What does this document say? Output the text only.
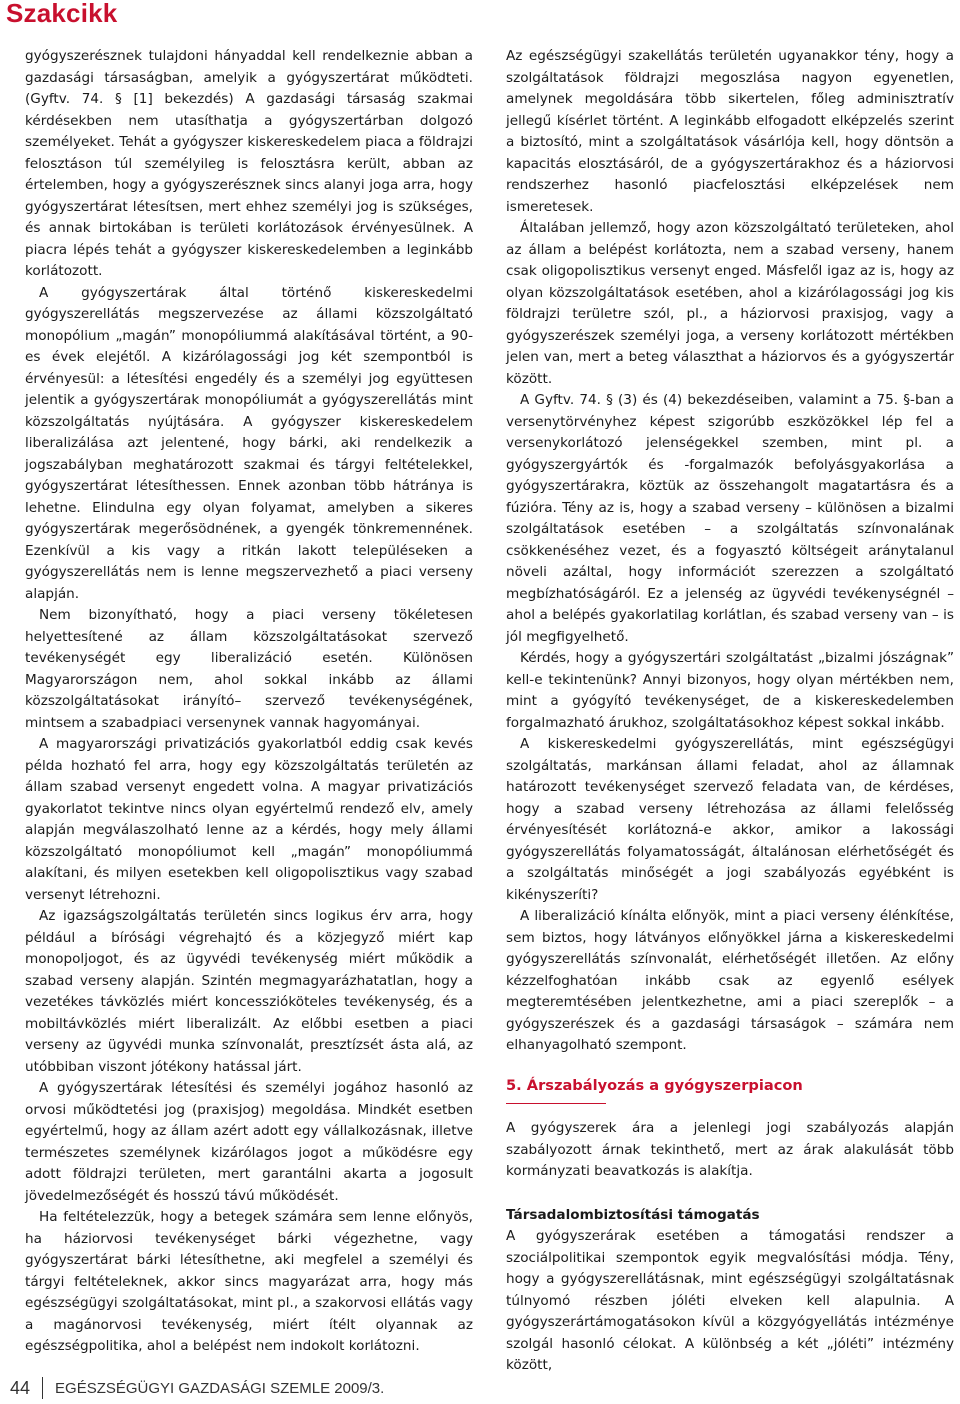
Szakcikk

gyógyszerésznek tulajdoni hányaddal kell rendelkeznie abban a gazdasági társaságban, amelyik a gyógyszertárat működteti. (Gyftv. 74. § [1] bekezdés) A gazdasági társaság szakmai kérdésekben nem utasíthatja a gyógyszertárban dolgozó személyeket. Tehát a gyógyszer kiskereskedelem piaca a földrajzi felosztáson túl személyileg is felosztásra került, abban az értelemben, hogy a gyógyszerésznek sincs alanyi joga arra, hogy gyógyszertárat létesítsen, mert ehhez személyi jog is szükséges, és annak birtokában is területi korlátozások érvényesülnek. A piacra lépés tehát a gyógyszer kiskereskedelemben a leginkább korlátozott.

A gyógyszertárak által történő kiskereskedelmi gyógyszerellátás megszervezése az állami közszolgáltató monopólium „magán” monopóliummá alakításával történt, a 90-es évek elejétől. A kizárólagossági jog két szempontból is érvényesül: a létesítési engedély és a személyi jog együttesen jelentik a gyógyszertárak monopóliumát a gyógyszerellátás mint közszolgáltatás nyújtására. A gyógyszer kiskereskedelem liberalizálása azt jelentené, hogy bárki, aki rendelkezik a jogszabályban meghatározott szakmai és tárgyi feltételekkel, gyógyszertárat létesíthessen. Ennek azonban több hátránya is lehetne. Elindulna egy olyan folyamat, amelyben a sikeres gyógyszertárak megerősödnének, a gyengék tönkremennének. Ezenkívül a kis vagy a ritkán lakott településeken a gyógyszerellátás nem is lenne megszervezhető a piaci verseny alapján.

Nem bizonyítható, hogy a piaci verseny tökéletesen helyettesítené az állam közszolgáltatásokat szervező tevékenységét egy liberalizáció esetén. Különösen Magyarországon nem, ahol sokkal inkább az állami közszolgáltatásokat irányító– szervező tevékenységének, mintsem a szabadpiaci versenynek vannak hagyományai.

A magyarországi privatizációs gyakorlatból eddig csak kevés példa hozható fel arra, hogy egy közszolgáltatás területén az állam szabad versenyt engedett volna. A magyar privatizációs gyakorlatot tekintve nincs olyan egyértelmű rendező elv, amely alapján megválaszolható lenne az a kérdés, hogy mely állami közszolgáltató monopóliumot kell „magán” monopóliummá alakítani, és milyen esetekben kell oligopolisztikus vagy szabad versenyt létrehozni.

Az igazságszolgáltatás területén sincs logikus érv arra, hogy például a bírósági végrehajtó és a közjegyző miért kap monopoljogot, és az ügyvédi tevékenység miért működik a szabad verseny alapján. Szintén megmagyarázhatatlan, hogy a vezetékes távközlés miért koncesszióköteles tevékenység, és a mobiltávközlés miért liberalizált. Az előbbi esetben a piaci verseny az ügyvédi munka színvonalát, presztízsét ásta alá, az utóbbiban viszont jótékony hatással járt.

A gyógyszertárak létesítési és személyi jogához hasonló az orvosi működtetési jog (praxisjog) megoldása. Mindkét esetben egyértelmű, hogy az állam azért adott egy vállalkozásnak, illetve természetes személynek kizárólagos jogot a működésre egy adott földrajzi területen, mert garantálni akarta a jogosult jövedelmezőségét és hosszú távú működését.

Ha feltételezzük, hogy a betegek számára sem lenne előnyös, ha háziorvosi tevékenységet bárki végezhetne, vagy gyógyszertárat bárki létesíthetne, aki megfelel a személyi és tárgyi feltételeknek, akkor sincs magyarázat arra, hogy más egészségügyi szolgáltatásokat, mint pl., a szakorvosi ellátás vagy a magánorvosi tevékenység, miért ítélt olyannak az egészségpolitika, ahol a belépést nem indokolt korlátozni.

Az egészségügyi szakellátás területén ugyanakkor tény, hogy a szolgáltatások földrajzi megoszlása nagyon egyenetlen, amelynek megoldására több sikertelen, főleg adminisztratív jellegű kísérlet történt. A leginkább elfogadott elképzelés szerint a biztosító, mint a szolgáltatások vásárlója kell, hogy döntsön a kapacitás elosztásáról, de a gyógyszertárakhoz és a háziorvosi rendszerhez hasonló piacfelosztási elképzelések nem ismeretesek.

Általában jellemző, hogy azon közszolgáltató területeken, ahol az állam a belépést korlátozta, nem a szabad verseny, hanem csak oligopolisztikus versenyt enged. Másfelől igaz az is, hogy az olyan közszolgáltatások esetében, ahol a kizárólagossági jog kis földrajzi területre szól, pl., a háziorvosi praxisjog, vagy a gyógyszerészek személyi joga, a verseny korlátozott mértékben jelen van, mert a beteg választhat a háziorvos és a gyógyszertár között.

A Gyftv. 74. § (3) és (4) bekezdéseiben, valamint a 75. §-ban a versenytörvényhez képest szigorúbb eszközökkel lép fel a versenykorlátozó jelenségekkel szemben, mint pl. a gyógyszergyártók és -forgalmazók befolyásgyakorlása a gyógyszertárakra, köztük az összehangolt magatartásra és a fúzióra. Tény az is, hogy a szabad verseny – különösen a bizalmi szolgáltatások esetében – a szolgáltatás színvonalának csökkenéséhez vezet, és a fogyasztó költségeit aránytalanul növeli azáltal, hogy információt szerezzen a szolgáltató megbízhatóságáról. Ez a jelenség az ügyvédi tevékenységnél – ahol a belépés gyakorlatilag korlátlan, és szabad verseny van – is jól megfigyelhető.

Kérdés, hogy a gyógyszertári szolgáltatást „bizalmi jószágnak” kell-e tekintenünk? Annyi bizonyos, hogy olyan mértékben nem, mint a gyógyító tevékenységet, de a kiskereskedelemben forgalmazható árukhoz, szolgáltatásokhoz képest sokkal inkább.

A kiskereskedelmi gyógyszerellátás, mint egészségügyi szolgáltatás, markánsan állami feladat, ahol az államnak határozott tevékenységet szervező feladata van, de kérdéses, hogy a szabad verseny létrehozása az állami felelősség érvényesítését korlátozná-e akkor, amikor a lakossági gyógyszerellátás folyamatosságát, általánosan elérhetőségét és a szolgáltatás minőségét a jogi szabályozás egyébként is kikényszeríti?

A liberalizáció kínálta előnyök, mint a piaci verseny élénkítése, sem biztos, hogy látványos előnyökkel járna a kiskereskedelmi gyógyszerellátás színvonalát, elérhetőségét illetően. Az előny kézzelfoghatóan inkább csak az egyenlő esélyek megteremtésében jelentkezhetne, ami a piaci szereplők – a gyógyszerészek és a gazdasági társaságok – számára nem elhanyagolható szempont.

5. Árszabályozás a gyógyszerpiacon

A gyógyszerek ára a jelenlegi jogi szabályozás alapján szabályozott árnak tekinthető, mert az árak alakulását több kormányzati beavatkozás is alakítja.

Társadalombiztosítási támogatás

A gyógyszerárak esetében a támogatási rendszer a szociálpolitikai szempontok egyik megvalósítási módja. Tény, hogy a gyógyszerellátásnak, mint egészségügyi szolgáltatásnak túlnyomó részben jóléti elveken kell alapulnia. A gyógyszerártámogatásokon kívül a közgyógyellátás intézménye szolgál hasonló célokat. A különbség a két „jóléti” intézmény között,

44 EGÉSZSÉGÜGYI GAZDASÁGI SZEMLE 2009/3.
